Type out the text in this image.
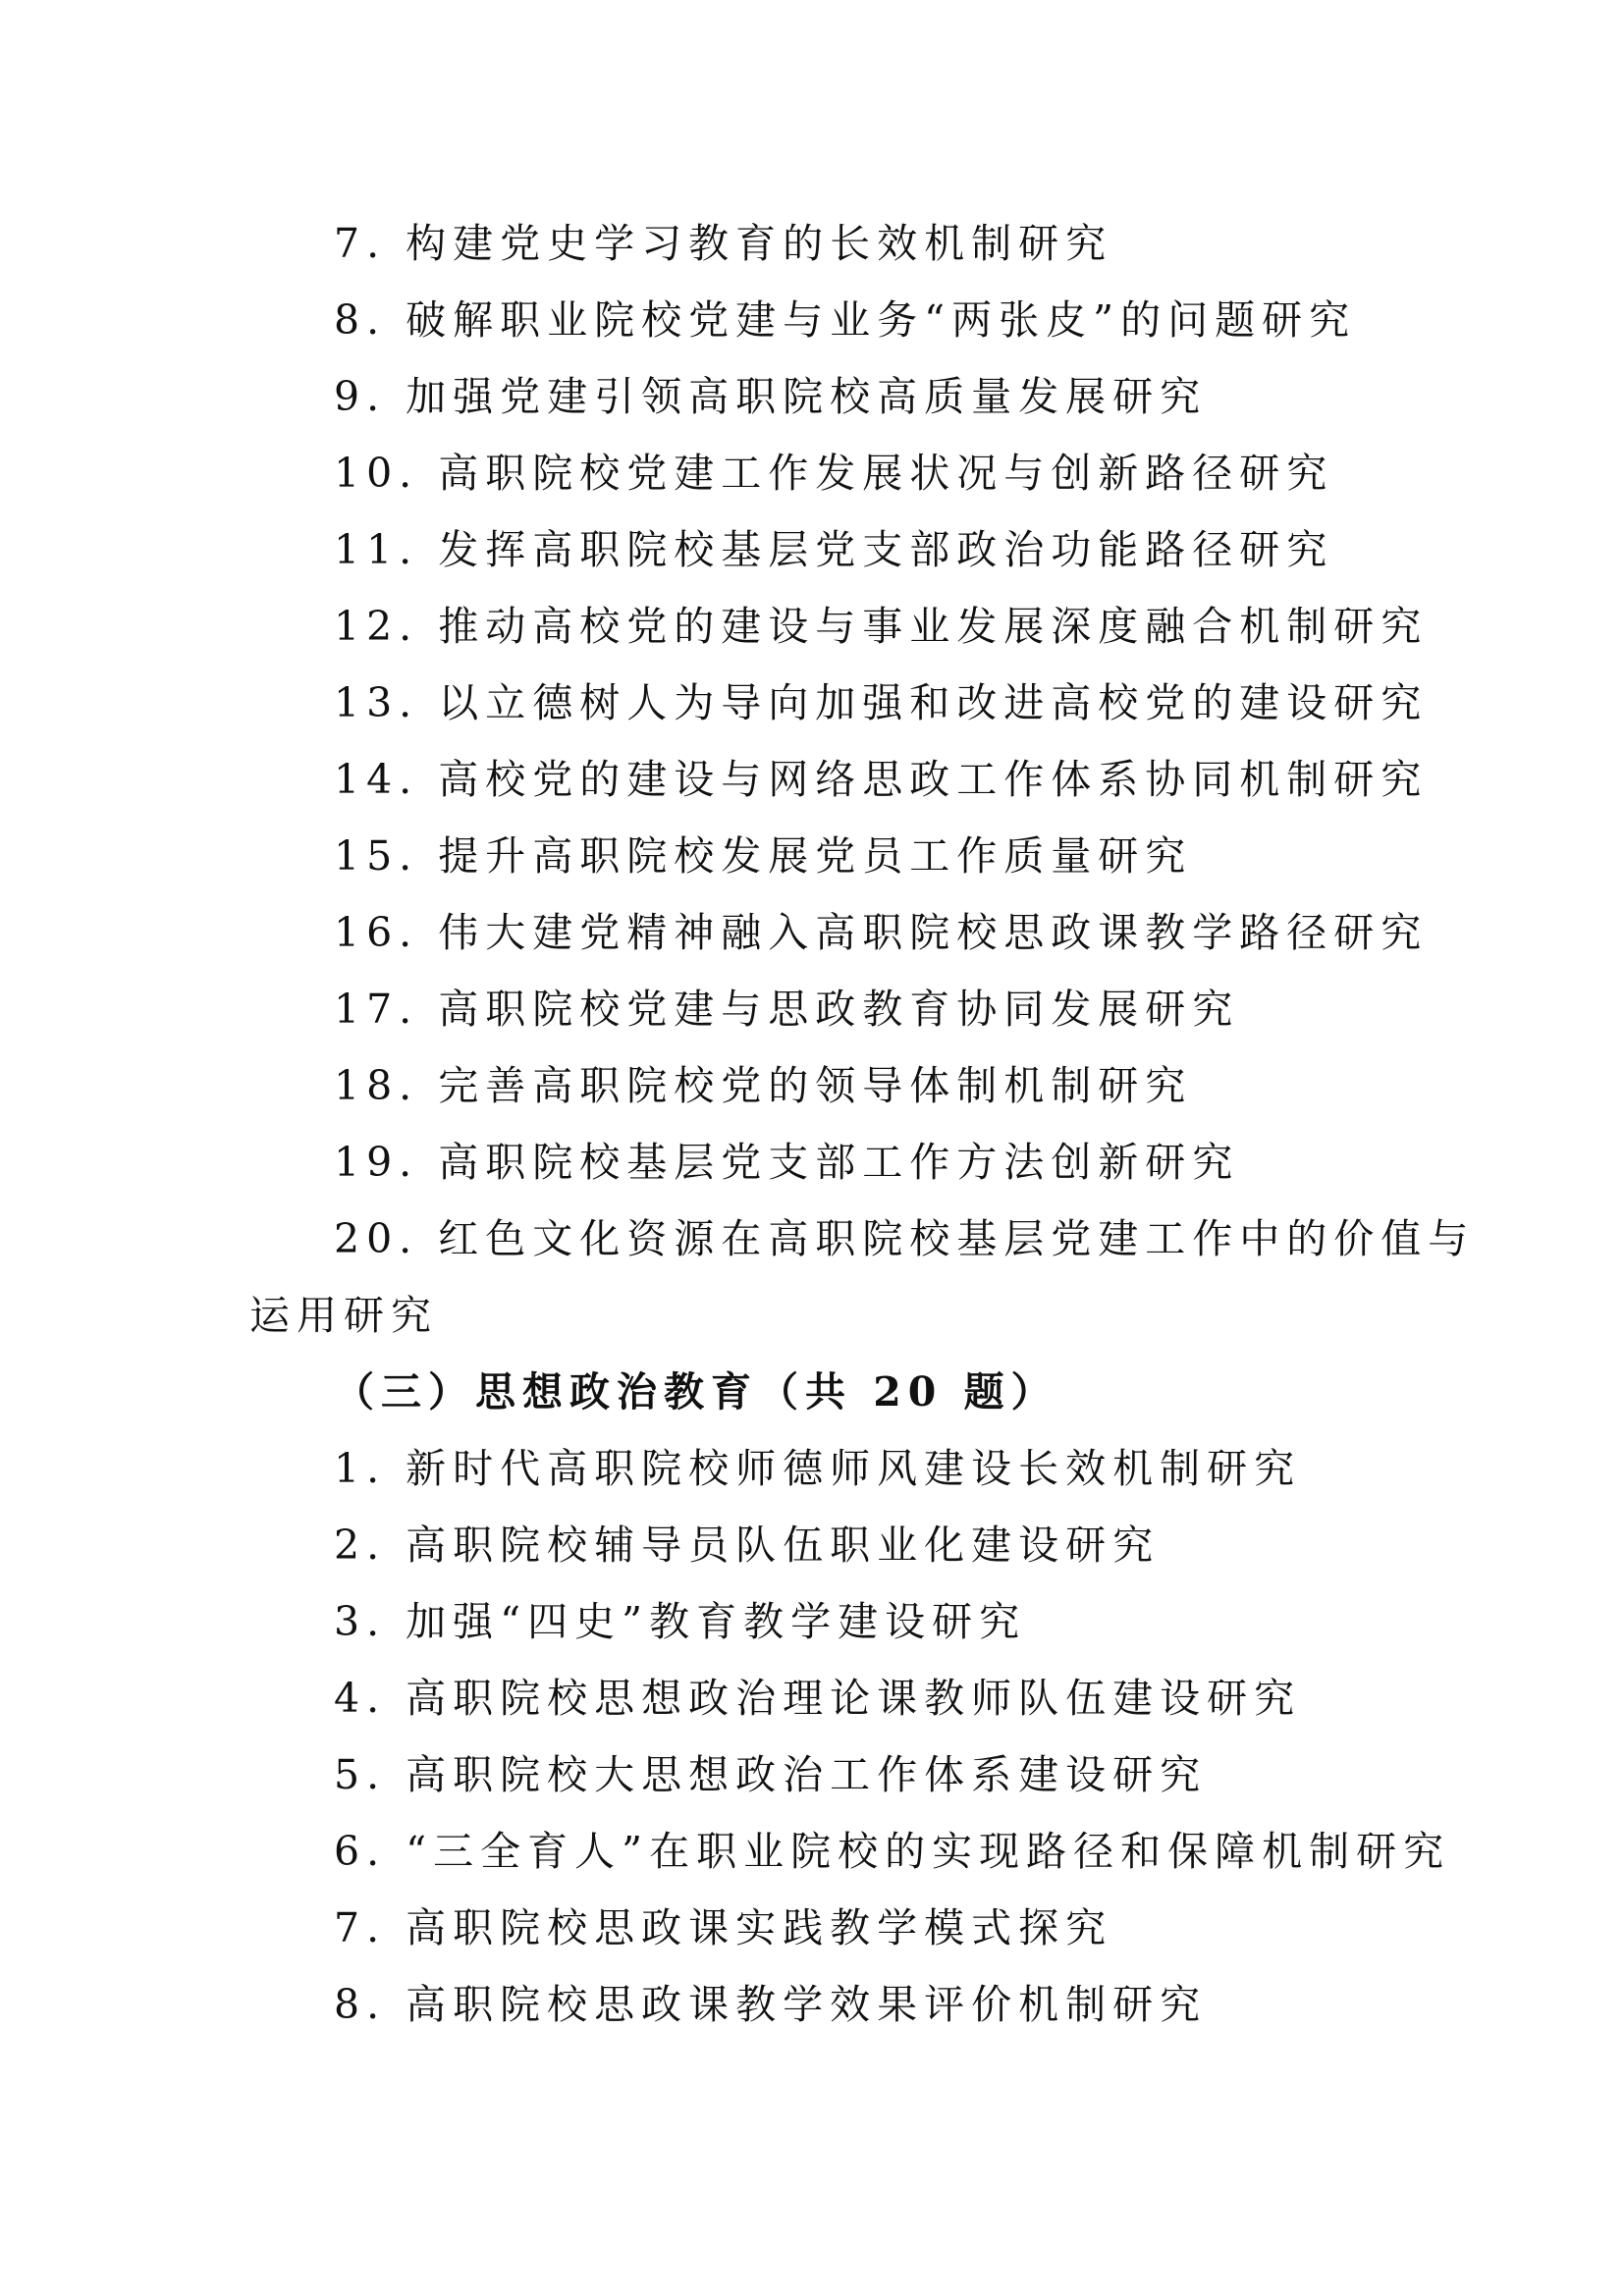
7. 构建党史学习教育的长效机制研究
8. 破解职业院校党建与业务“两张皮”的问题研究
9. 加强党建引领高职院校高质量发展研究
10. 高职院校党建工作发展状况与创新路径研究
11. 发挥高职院校基层党支部政治功能路径研究
12. 推动高校党的建设与事业发展深度融合机制研究
13. 以立德树人为导向加强和改进高校党的建设研究
14. 高校党的建设与网络思政工作体系协同机制研究
15. 提升高职院校发展党员工作质量研究
16. 伟大建党精神融入高职院校思政课教学路径研究
17. 高职院校党建与思政教育协同发展研究
18. 完善高职院校党的领导体制机制研究
19. 高职院校基层党支部工作方法创新研究
20. 红色文化资源在高职院校基层党建工作中的价值与
运用研究
（三）思想政治教育（共 20 题）
1. 新时代高职院校师德师风建设长效机制研究
2. 高职院校辅导员队伍职业化建设研究
3. 加强“四史”教育教学建设研究
4. 高职院校思想政治理论课教师队伍建设研究
5. 高职院校大思想政治工作体系建设研究
6. “三全育人”在职业院校的实现路径和保障机制研究
7. 高职院校思政课实践教学模式探究
8. 高职院校思政课教学效果评价机制研究
